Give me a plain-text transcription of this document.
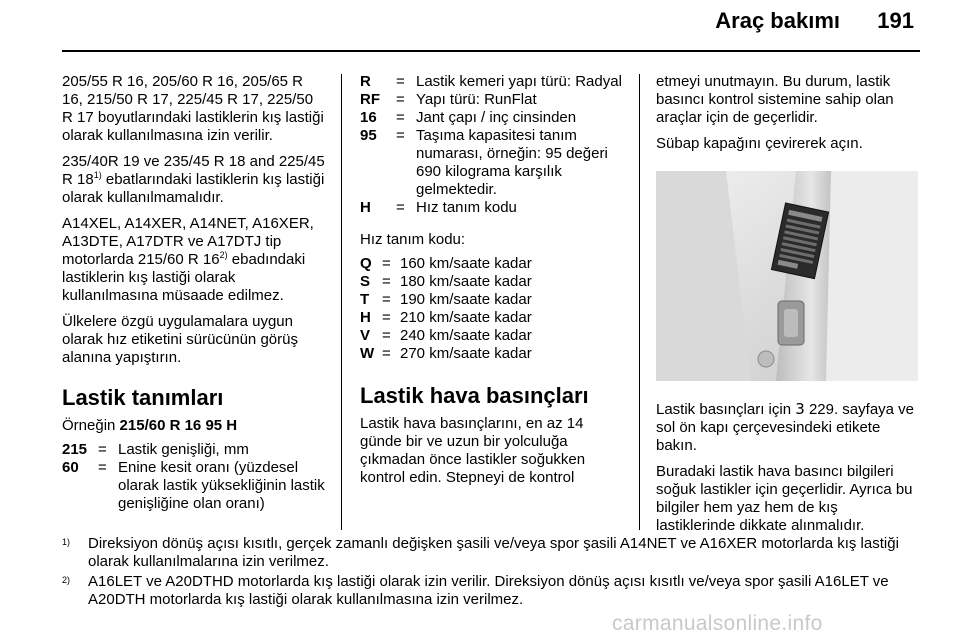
Araç bakımı 191

205/55 R 16, 205/60 R 16, 205/65 R 16, 215/50 R 17, 225/45 R 17, 225/50 R 17 boyutlarındaki lastiklerin kış lastiği olarak kullanılmasına izin verilir.

235/40R 19 ve 235/45 R 18 and 225/45 R 18$^{1)}$ ebatlarındaki lastiklerin kış lastiği olarak kullanılmamalıdır.

A14XEL, A14XER, A14NET, A16XER, A13DTE, A17DTR ve A17DTJ tip motorlarda 215/60 R 16$^{2)}$ ebadındaki lastiklerin kış lastiği olarak kullanılmasına müsaade edilmez.

Ülkelere özgü uygulamalara uygun olarak hız etiketini sürücünün görüş alanına yapıştırın.

Lastik tanımları

Örneğin 215/60 R 16 95 H

215 = Lastik genişliği, mm
60	= Enine kesit oranı (yüzdesel olarak lastik yüksekliğinin lastik genişliğine olan oranı)
R	= Lastik kemeri yapı türü: Radyal
RF	= Yapı türü: RunFlat
16	= Jant çapı / inç cinsinden
95	= Taşıma kapasitesi tanım numarası, örneğin: 95 değeri 690 kilograma karşılık gelmektedir.
H	= Hız tanım kodu

Hız tanım kodu:

Q = 160 km/saate kadar
S = 180 km/saate kadar
T = 190 km/saate kadar
H = 210 km/saate kadar
V = 240 km/saate kadar
W = 270 km/saate kadar
Lastik hava basınçları

Lastik hava basınçlarını, en az 14 günde bir ve uzun bir yolculuğa çıkmadan önce lastikler soğukken kontrol edin. Stepneyi de kontrol

etmeyi unutmayın. Bu durum, lastik basıncı kontrol sistemine sahip olan araçlar için de geçerlidir.

Sübap kapağını çevirerek açın.

Lastik basınçları için 3 229. sayfaya ve sol ön kapı çerçevesindeki etikete bakın.

Buradaki lastik hava basıncı bilgileri soğuk lastikler için geçerlidir. Ayrıca bu bilgiler hem yaz hem de kış lastiklerinde dikkate alınmalıdır.

1)	Direksiyon dönüş açısı kısıtlı, gerçek zamanlı değişken şasili ve/veya spor şasili A14NET ve A16XER motorlarda kış lastiği olarak kullanılmalarına izin verilmez.
2)	A16LET ve A20DTHD motorlarda kış lastiği olarak izin verilir. Direksiyon dönüş açısı kısıtlı ve/veya spor şasili A16LET ve A20DTH motorlarda kış lastiği olarak kullanılmasına izin verilmez.
carmanualsonline.info
